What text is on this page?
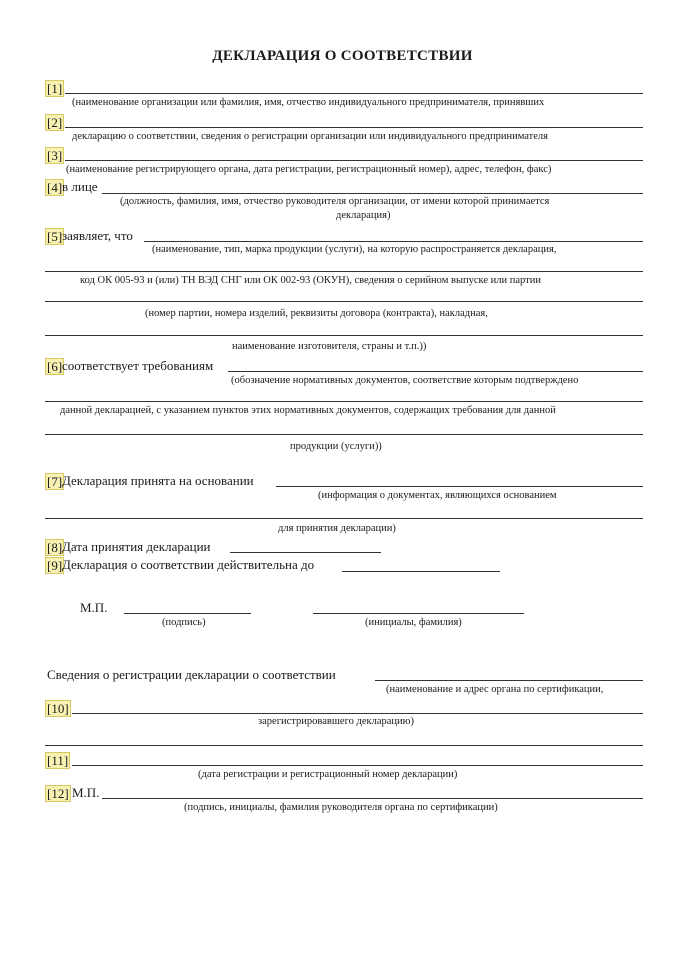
ДЕКЛАРАЦИЯ О СООТВЕТСТВИИ
[1]
(наименование организации или фамилия, имя, отчество индивидуального предпринимателя, принявших
[2]
декларацию о соответствии, сведения о регистрации организации или индивидуального предпринимателя
[3]
(наименование регистрирующего органа, дата регистрации, регистрационный номер), адрес, телефон, факс)
[4] в лице
(должность, фамилия, имя, отчество руководителя организации, от имени которой принимается
декларация)
[5] заявляет, что
(наименование, тип, марка продукции (услуги), на которую распространяется декларация,
код ОК 005-93 и (или) ТН ВЭД СНГ или ОК 002-93 (ОКУН), сведения о серийном выпуске или партии
(номер партии, номера изделий, реквизиты договора (контракта), накладная,
наименование изготовителя, страны и т.п.))
[6] соответствует требованиям
(обозначение нормативных документов, соответствие которым подтверждено
данной декларацией, с указанием пунктов этих нормативных документов, содержащих требования для данной
продукции (услуги))
[7] Декларация принята на основании
(информация о документах, являющихся основанием
для принятия декларации)
[8] Дата принятия декларации
[9] Декларация о соответствии действительна до
М.П.
(подпись)	(инициалы, фамилия)
Сведения о регистрации декларации о соответствии
(наименование и адрес органа по сертификации,
[10]
зарегистрировавшего декларацию)
[11]
(дата регистрации и регистрационный номер декларации)
[12] М.П.
(подпись, инициалы, фамилия руководителя органа по сертификации)
